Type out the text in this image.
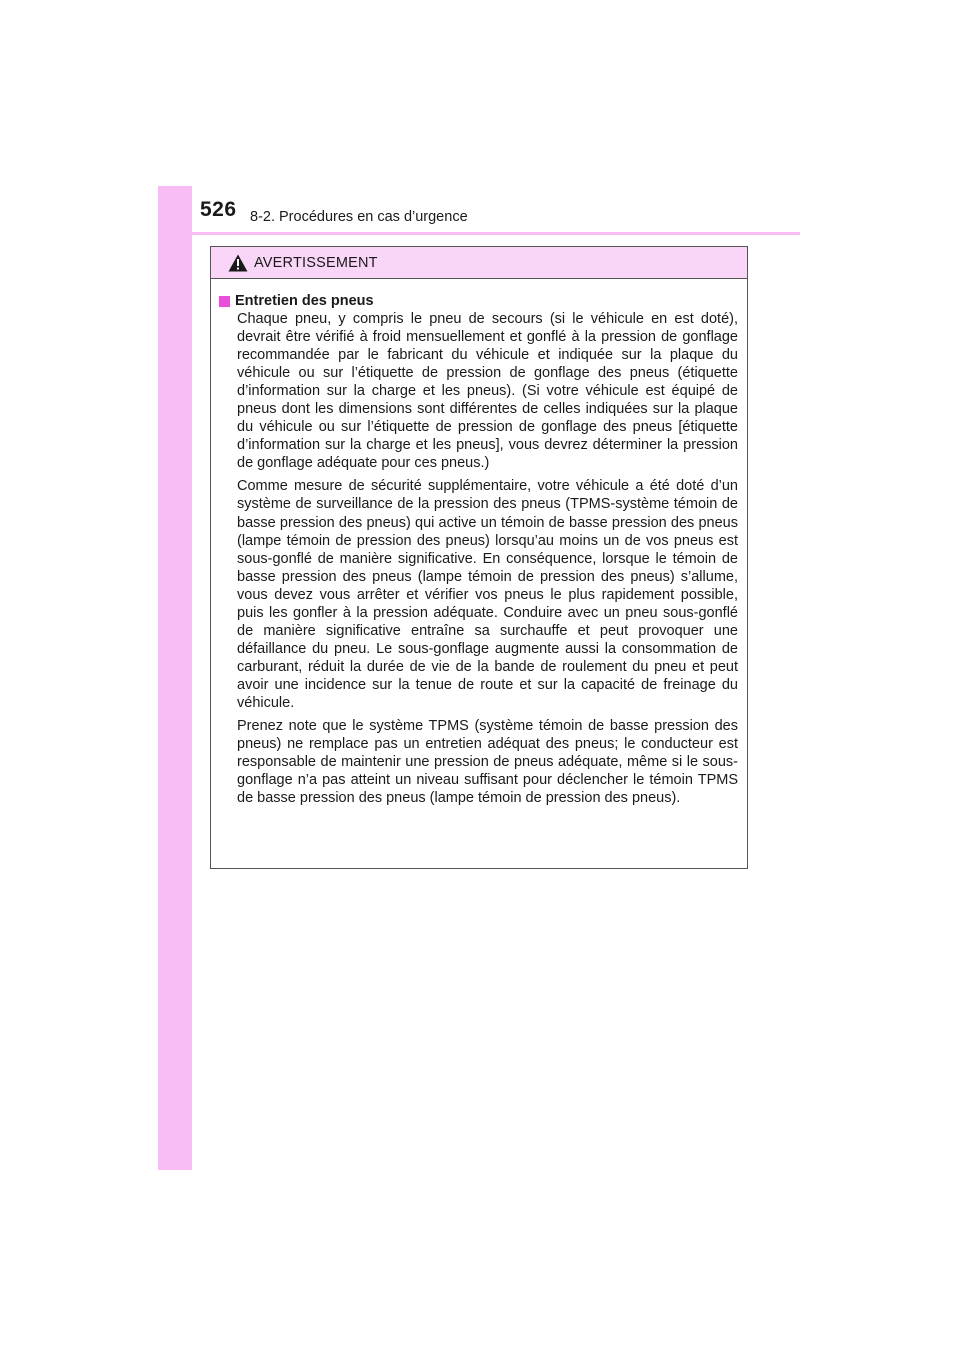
526 8-2. Procédures en cas d’urgence
AVERTISSEMENT
Entretien des pneus

Chaque pneu, y compris le pneu de secours (si le véhicule en est doté), devrait être vérifié à froid mensuellement et gonflé à la pression de gonflage recommandée par le fabricant du véhicule et indiquée sur la plaque du véhicule ou sur l’étiquette de pression de gonflage des pneus (étiquette d’information sur la charge et les pneus). (Si votre véhicule est équipé de pneus dont les dimensions sont différentes de celles indiquées sur la plaque du véhicule ou sur l’étiquette de pression de gonflage des pneus [étiquette d’information sur la charge et les pneus], vous devrez déterminer la pression de gonflage adéquate pour ces pneus.)

Comme mesure de sécurité supplémentaire, votre véhicule a été doté d’un système de surveillance de la pression des pneus (TPMS-système témoin de basse pression des pneus) qui active un témoin de basse pression des pneus (lampe témoin de pression des pneus) lorsqu’au moins un de vos pneus est sous-gonflé de manière significative. En conséquence, lorsque le témoin de basse pression des pneus (lampe témoin de pression des pneus) s’allume, vous devez vous arrêter et vérifier vos pneus le plus rapidement possible, puis les gonfler à la pression adéquate. Conduire avec un pneu sous-gonflé de manière significative entraîne sa surchauffe et peut provoquer une défaillance du pneu. Le sous-gonflage augmente aussi la consommation de carburant, réduit la durée de vie de la bande de roulement du pneu et peut avoir une incidence sur la tenue de route et sur la capacité de freinage du véhicule.

Prenez note que le système TPMS (système témoin de basse pression des pneus) ne remplace pas un entretien adéquat des pneus; le conducteur est responsable de maintenir une pression de pneus adéquate, même si le sous-gonflage n’a pas atteint un niveau suffisant pour déclencher le témoin TPMS de basse pression des pneus (lampe témoin de pression des pneus).
